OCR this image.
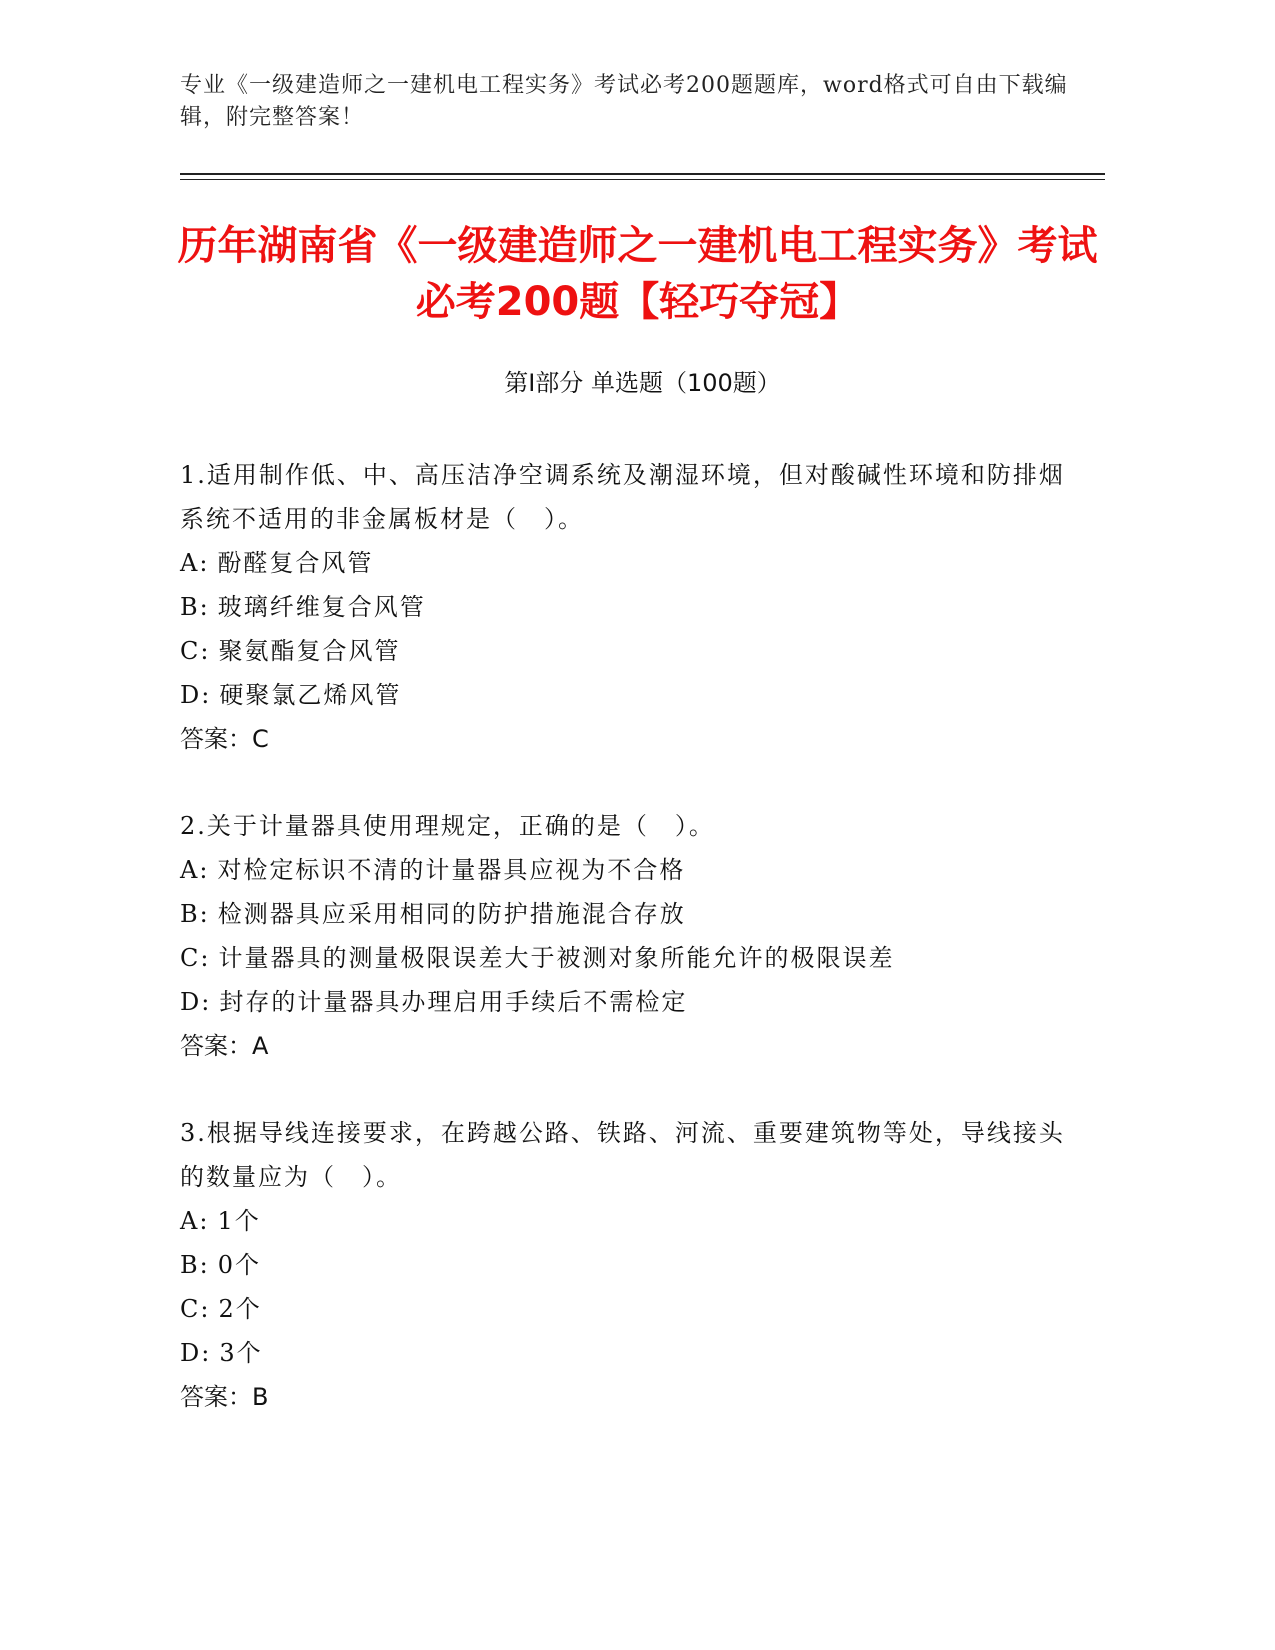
专业《一级建造师之一建机电工程实务》考试必考200题题库，word格式可自由下载编辑，附完整答案！
历年湖南省《一级建造师之一建机电工程实务》考试必考200题【轻巧夺冠】
第I部分 单选题（100题）
1.适用制作低、中、高压洁净空调系统及潮湿环境，但对酸碱性环境和防排烟系统不适用的非金属板材是（　）。
A: 酚醛复合风管
B: 玻璃纤维复合风管
C: 聚氨酯复合风管
D: 硬聚氯乙烯风管
答案：C
2.关于计量器具使用理规定，正确的是（　）。
A: 对检定标识不清的计量器具应视为不合格
B: 检测器具应采用相同的防护措施混合存放
C: 计量器具的测量极限误差大于被测对象所能允许的极限误差
D: 封存的计量器具办理启用手续后不需检定
答案：A
3.根据导线连接要求，在跨越公路、铁路、河流、重要建筑物等处，导线接头的数量应为（　）。
A: 1个
B: 0个
C: 2个
D: 3个
答案：B
